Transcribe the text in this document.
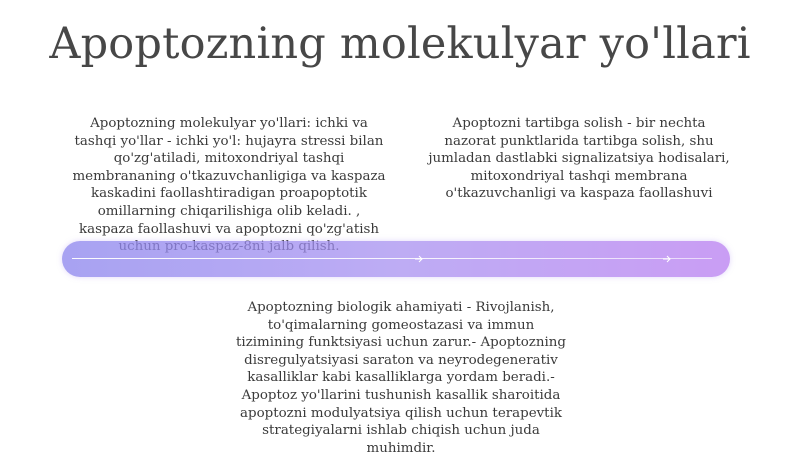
Apoptozning molekulyar yo'llari

Apoptozning molekulyar yo'llari: ichki va tashqi yo'llar - ichki yo'l: hujayra stressi bilan qo'zg'atiladi, mitoxondriyal tashqi membrananing o'tkazuvchanligiga va kaspaza kaskadini faollashtiradigan proapoptotik omillarning chiqarilishiga olib keladi. , kaspaza faollashuvi va apoptozni qo'zg'atish

Apoptozni tartibga solish - bir nechta nazorat punktlarida tartibga solish, shu jumladan dastlabki signalizatsiya hodisalari, mitoxondriyal tashqi membrana o'tkazuvchanligi va kaspaza faollashuvi

Apoptozning biologik ahamiyati - Rivojlanish, to'qimalarning gomeostazasi va immun tizimining funktsiyasi uchun zarur.- Apoptozning disregulyatsiyasi saraton va neyrodegenerativ kasalliklar kabi kasalliklarga yordam beradi.- Apoptoz yo'llarini tushunish kasallik sharoitida apoptozni modulyatsiya qilish uchun terapevtik strategiyalarni ishlab chiqish uchun juda muhimdir.
